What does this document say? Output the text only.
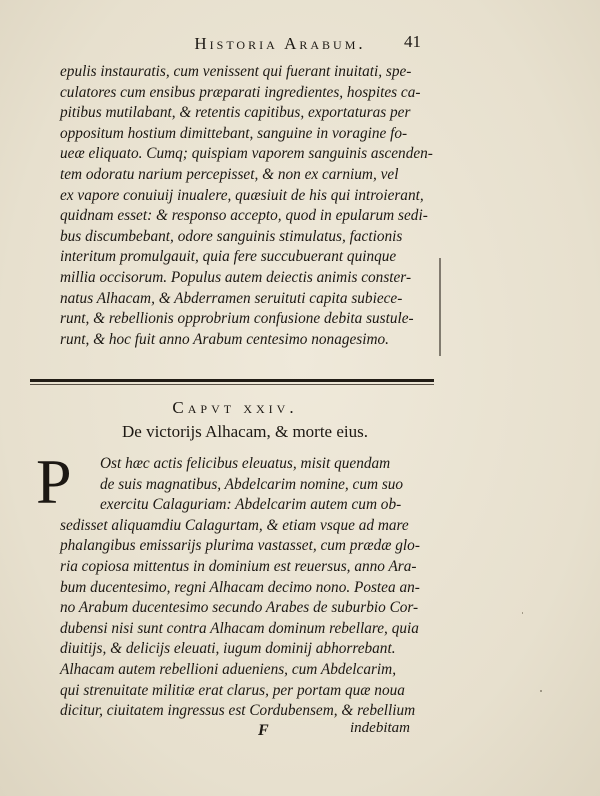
Historia Arabum.	41
epulis instauratis, cum venissent qui fuerant inuitati, spe-
culatores cum ensibus præparati ingredientes, hospites ca-
pitibus mutilabant, & retentis capitibus, exportaturas per
oppositum hostium dimittebant, sanguine in voragine fo-
ueæ eliquato. Cumq; quispiam vaporem sanguinis ascenden-
tem odoratu narium percepisset, & non ex carnium, vel
ex vapore conuiuij inualere, quæsiuit de his qui introierant,
quidnam esset: & responso accepto, quod in epularum sedi-
bus discumbebant, odore sanguinis stimulatus, factionis
interitum promulgauit, quia fere succubuerant quinque
millia occisorum. Populus autem deiectis animis conster-
natus Alhacam, & Abderramen seruituti capita subiece-
runt, & rebellionis opprobrium confusione debita sustule-
runt, & hoc fuit anno Arabum centesimo nonagesimo.
Capvt xxiv.
De victorijs Alhacam, & morte eius.
P	Ost hæc actis felicibus eleuatus, misit quendam
de suis magnatibus, Abdelcarim nomine, cum suo
exercitu Calaguriam: Abdelcarim autem cum ob-
sedisset aliquamdiu Calagurtam, & etiam vsque ad mare
phalangibus emissarijs plurima vastasset, cum prædæ glo-
ria copiosa mittentus in dominium est reuersus, anno Ara-
bum ducentesimo, regni Alhacam decimo nono. Postea an-
no Arabum ducentesimo secundo Arabes de suburbio Cor-
dubensi nisi sunt contra Alhacam dominum rebellare, quia
diuitijs, & delicijs eleuati, iugum dominij abhorrebant.
Alhacam autem rebellioni adueniens, cum Abdelcarim,
qui strenuitate militiæ erat clarus, per portam quæ noua
dicitur, ciuitatem ingressus est Cordubensem, & rebellium
F	indebitam
